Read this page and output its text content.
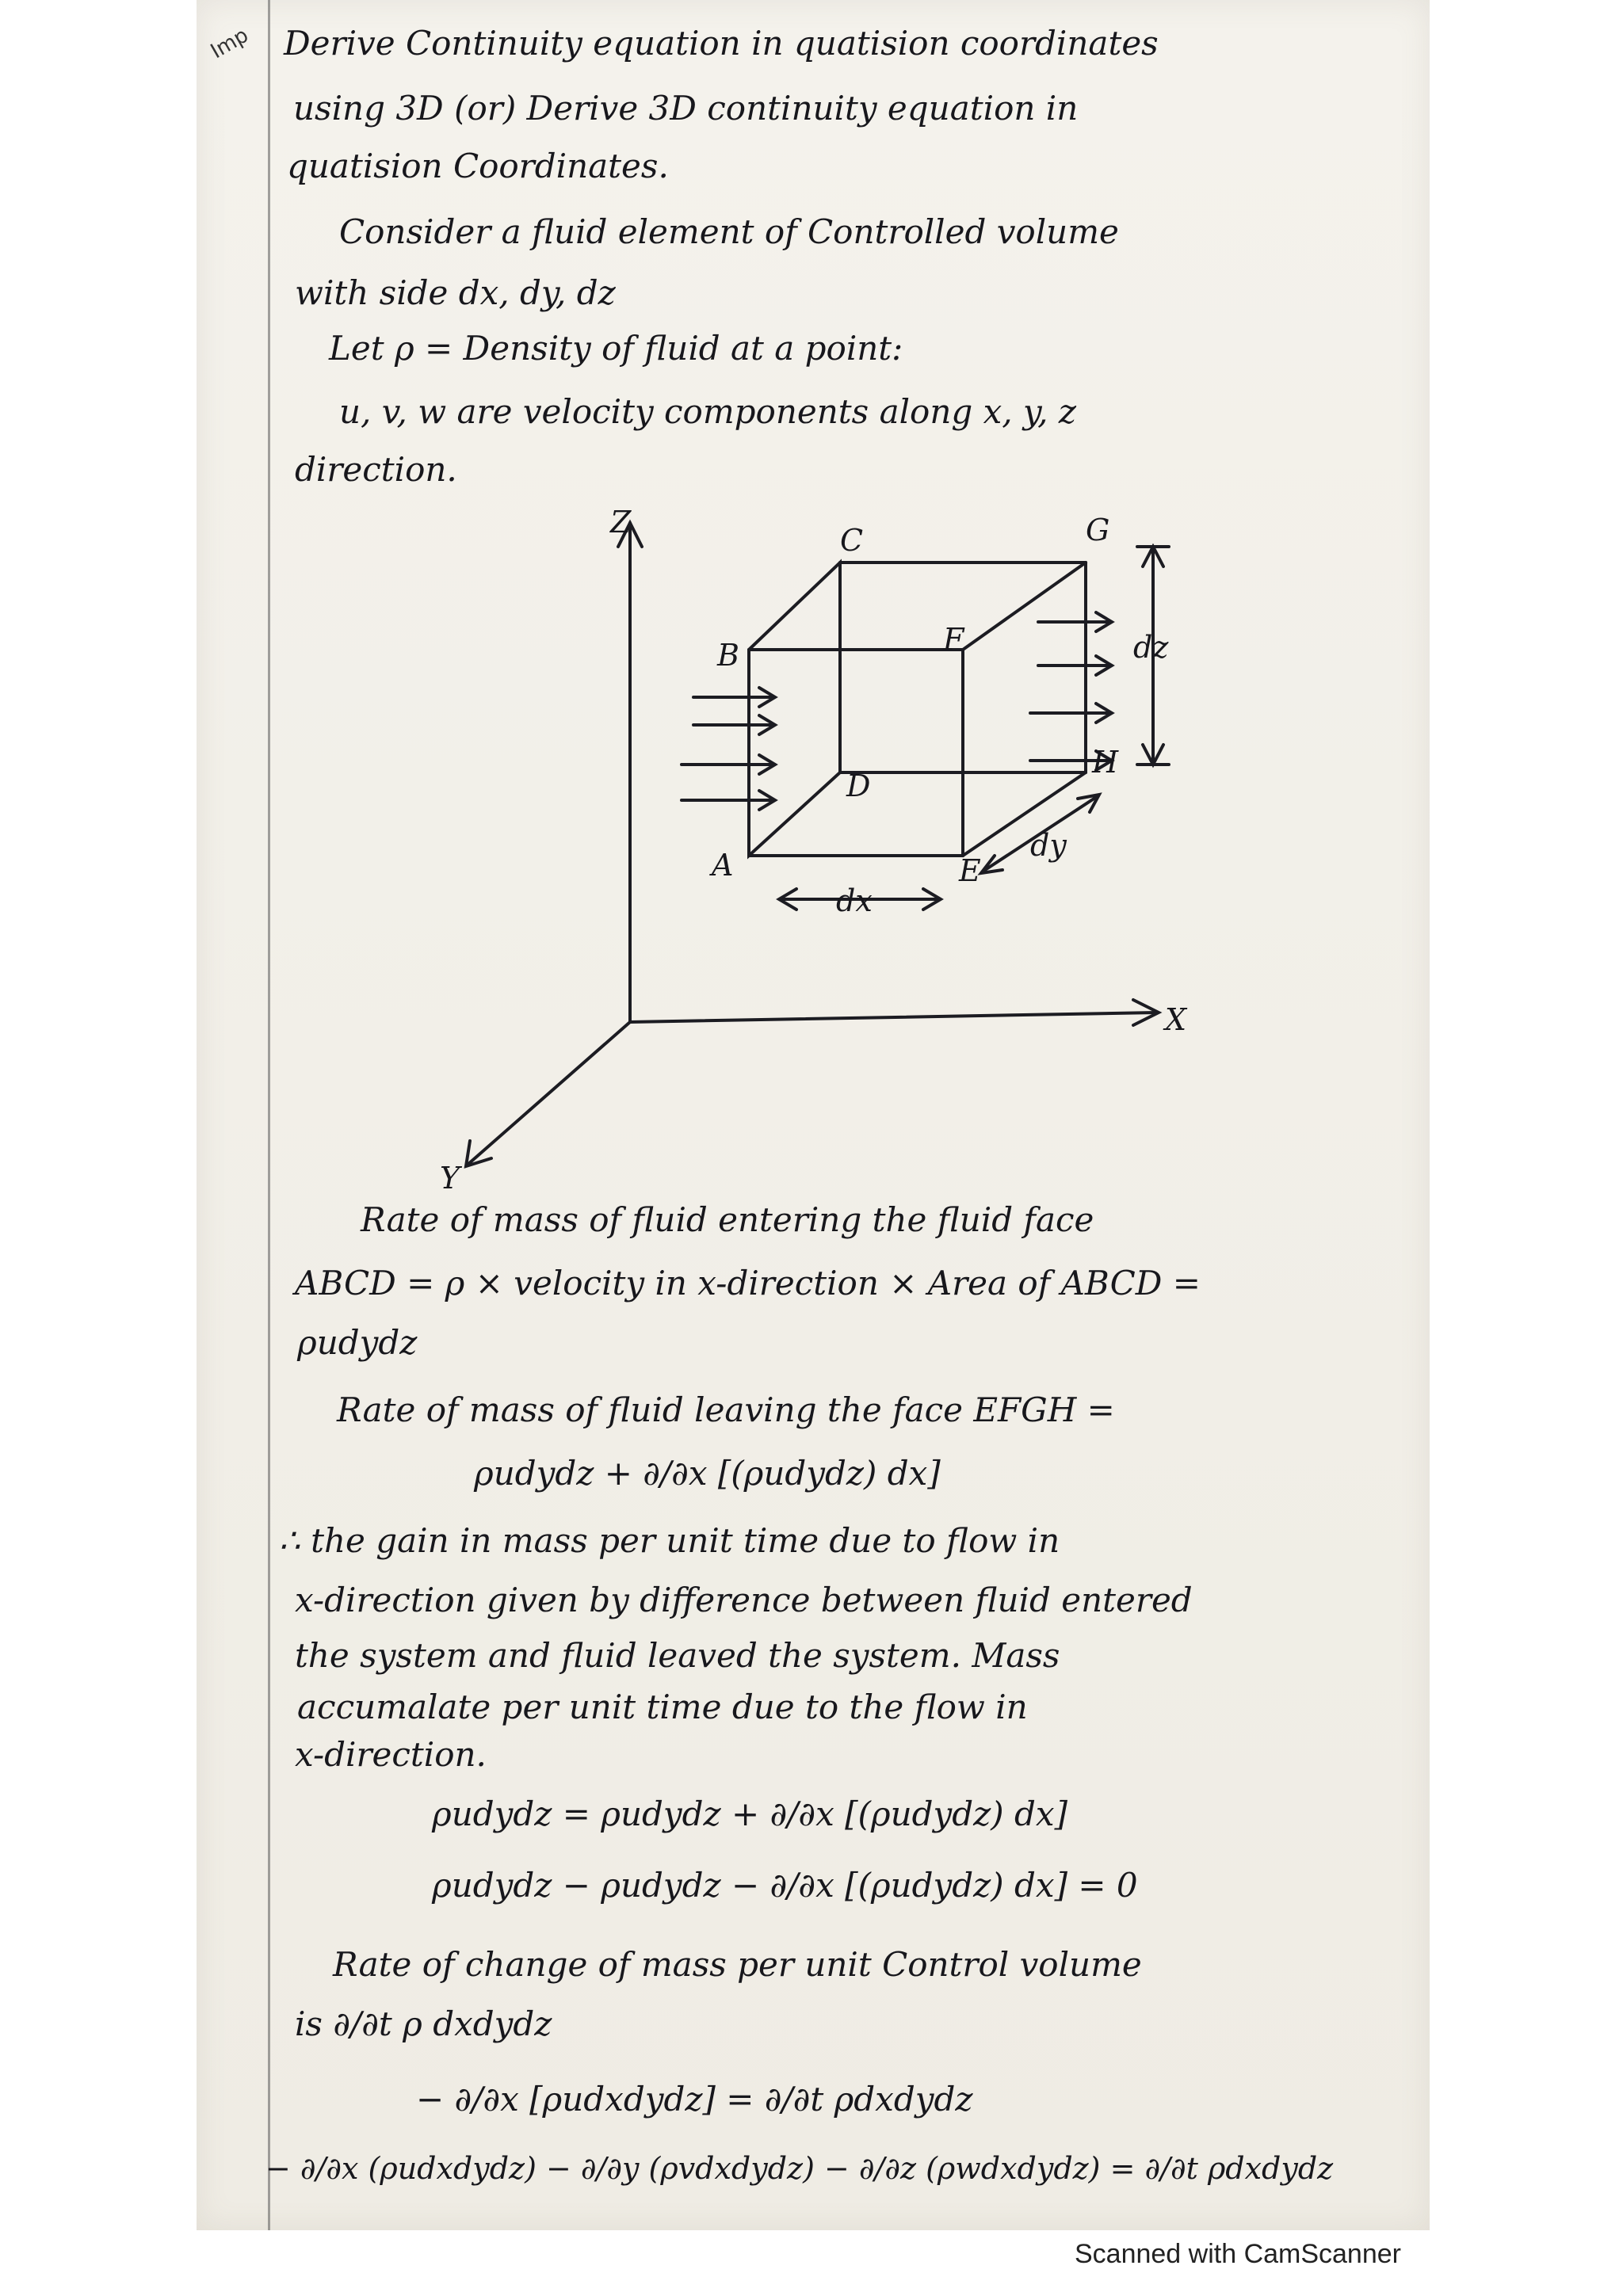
Imp Derive Continuity equation in quatision coordinates
using 3D (or) Derive 3D continuity equation in
quatision Coordinates.
Consider a fluid element of Controlled volume
with side dx, dy, dz
Let ρ = Density of fluid at a point:
u, v, w are velocity components along x, y, z
direction.
Z
X
Y
A
B
C
D
E
F
G
H
dx
dy
dz
Rate of mass of fluid entering the fluid face
ABCD = ρ × velocity in x-direction × Area of ABCD =
ρudydz
Rate of mass of fluid leaving the face EFGH =
ρudydz + ∂/∂x [(ρudydz) dx]
∴ the gain in mass per unit time due to flow in
x-direction given by difference between fluid entered
the system and fluid leaved the system. Mass
accumalate per unit time due to the flow in
x-direction.
ρudydz = ρudydz + ∂/∂x [(ρudydz) dx]
ρudydz − ρudydz − ∂/∂x [(ρudydz) dx] = 0
Rate of change of mass per unit Control volume
is ∂/∂t ρ dxdydz
− ∂/∂x [ρudxdydz] = ∂/∂t ρdxdydz
− ∂/∂x (ρudxdydz) − ∂/∂y (ρvdxdydz) − ∂/∂z (ρwdxdydz) = ∂/∂t ρdxdydz
Scanned with CamScanner
